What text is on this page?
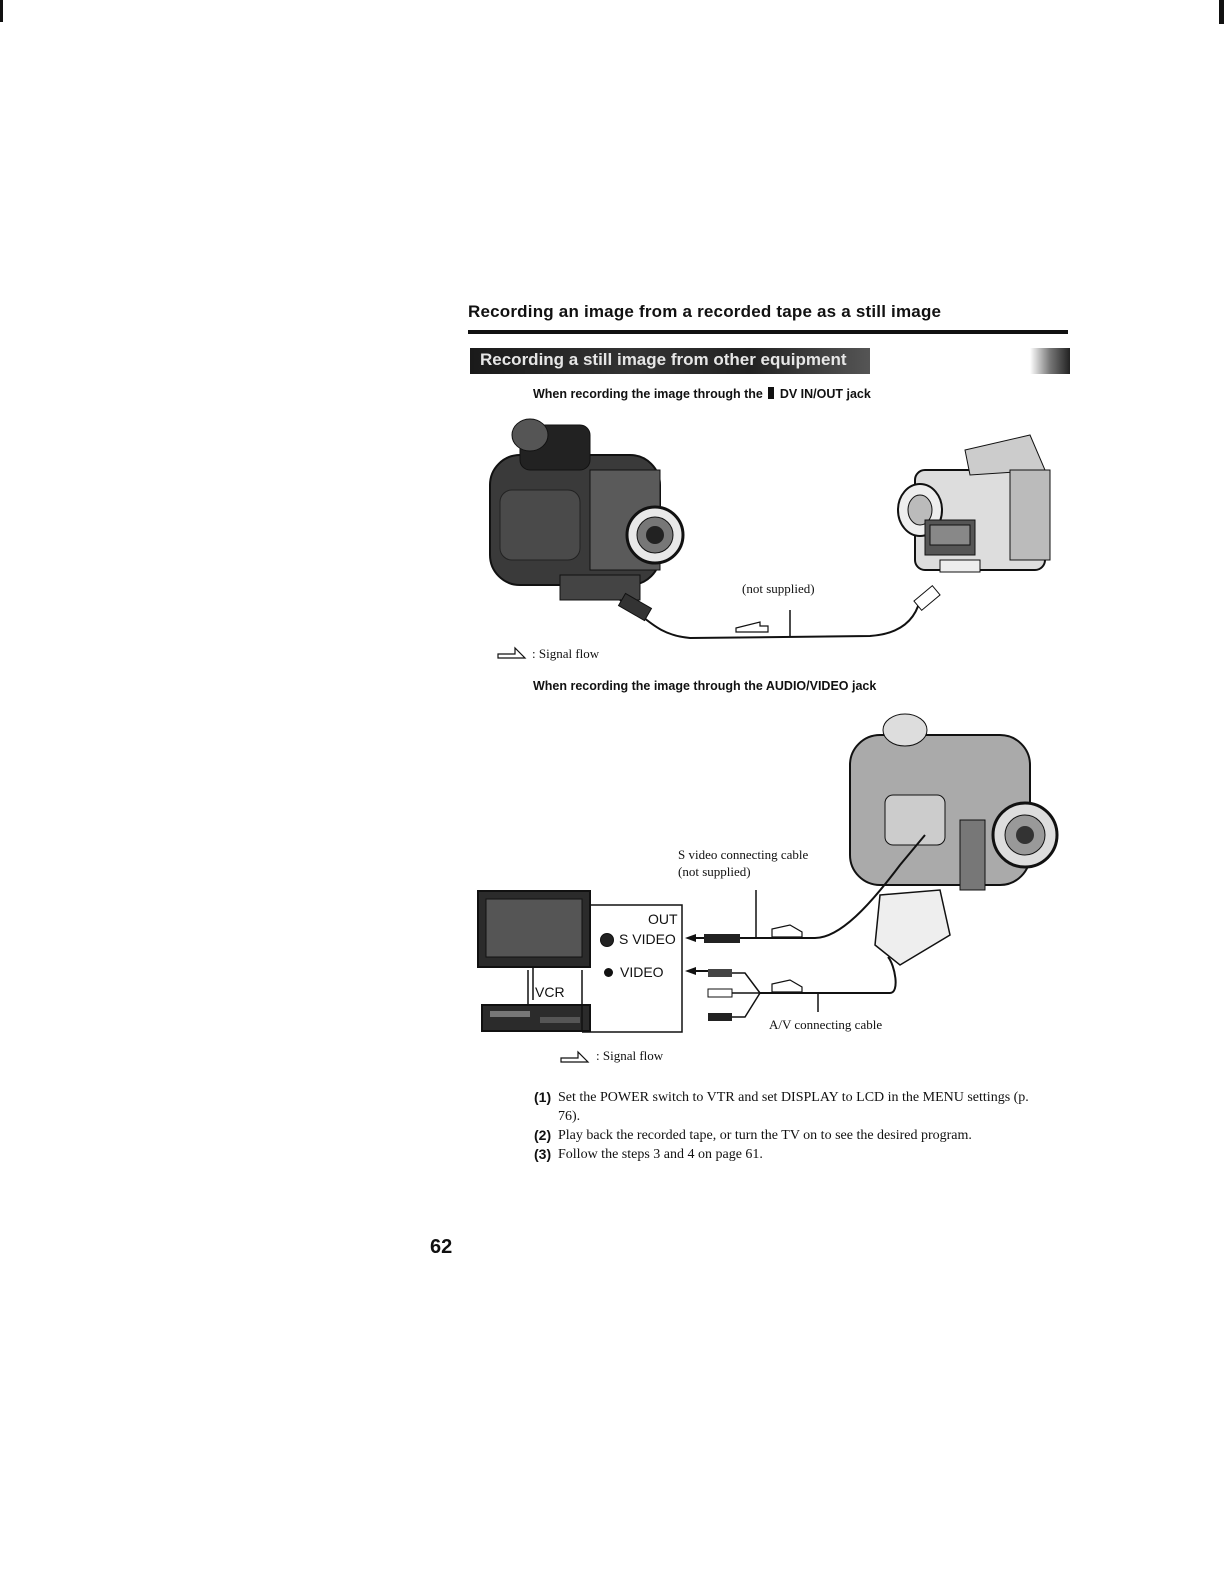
Recording an image from a recorded tape as a still image
Recording a still image from other equipment
When recording the image through the DV IN/OUT jack
(not supplied)
: Signal flow
When recording the image through the AUDIO/VIDEO jack
S video connecting cable
(not supplied)
OUT
S VIDEO
VIDEO
VCR
A/V connecting cable
: Signal flow
(1) Set the POWER switch to VTR and set DISPLAY to LCD in the MENU settings (p. 76).
(2) Play back the recorded tape, or turn the TV on to see the desired program.
(3) Follow the steps 3 and 4 on page 61.
62
